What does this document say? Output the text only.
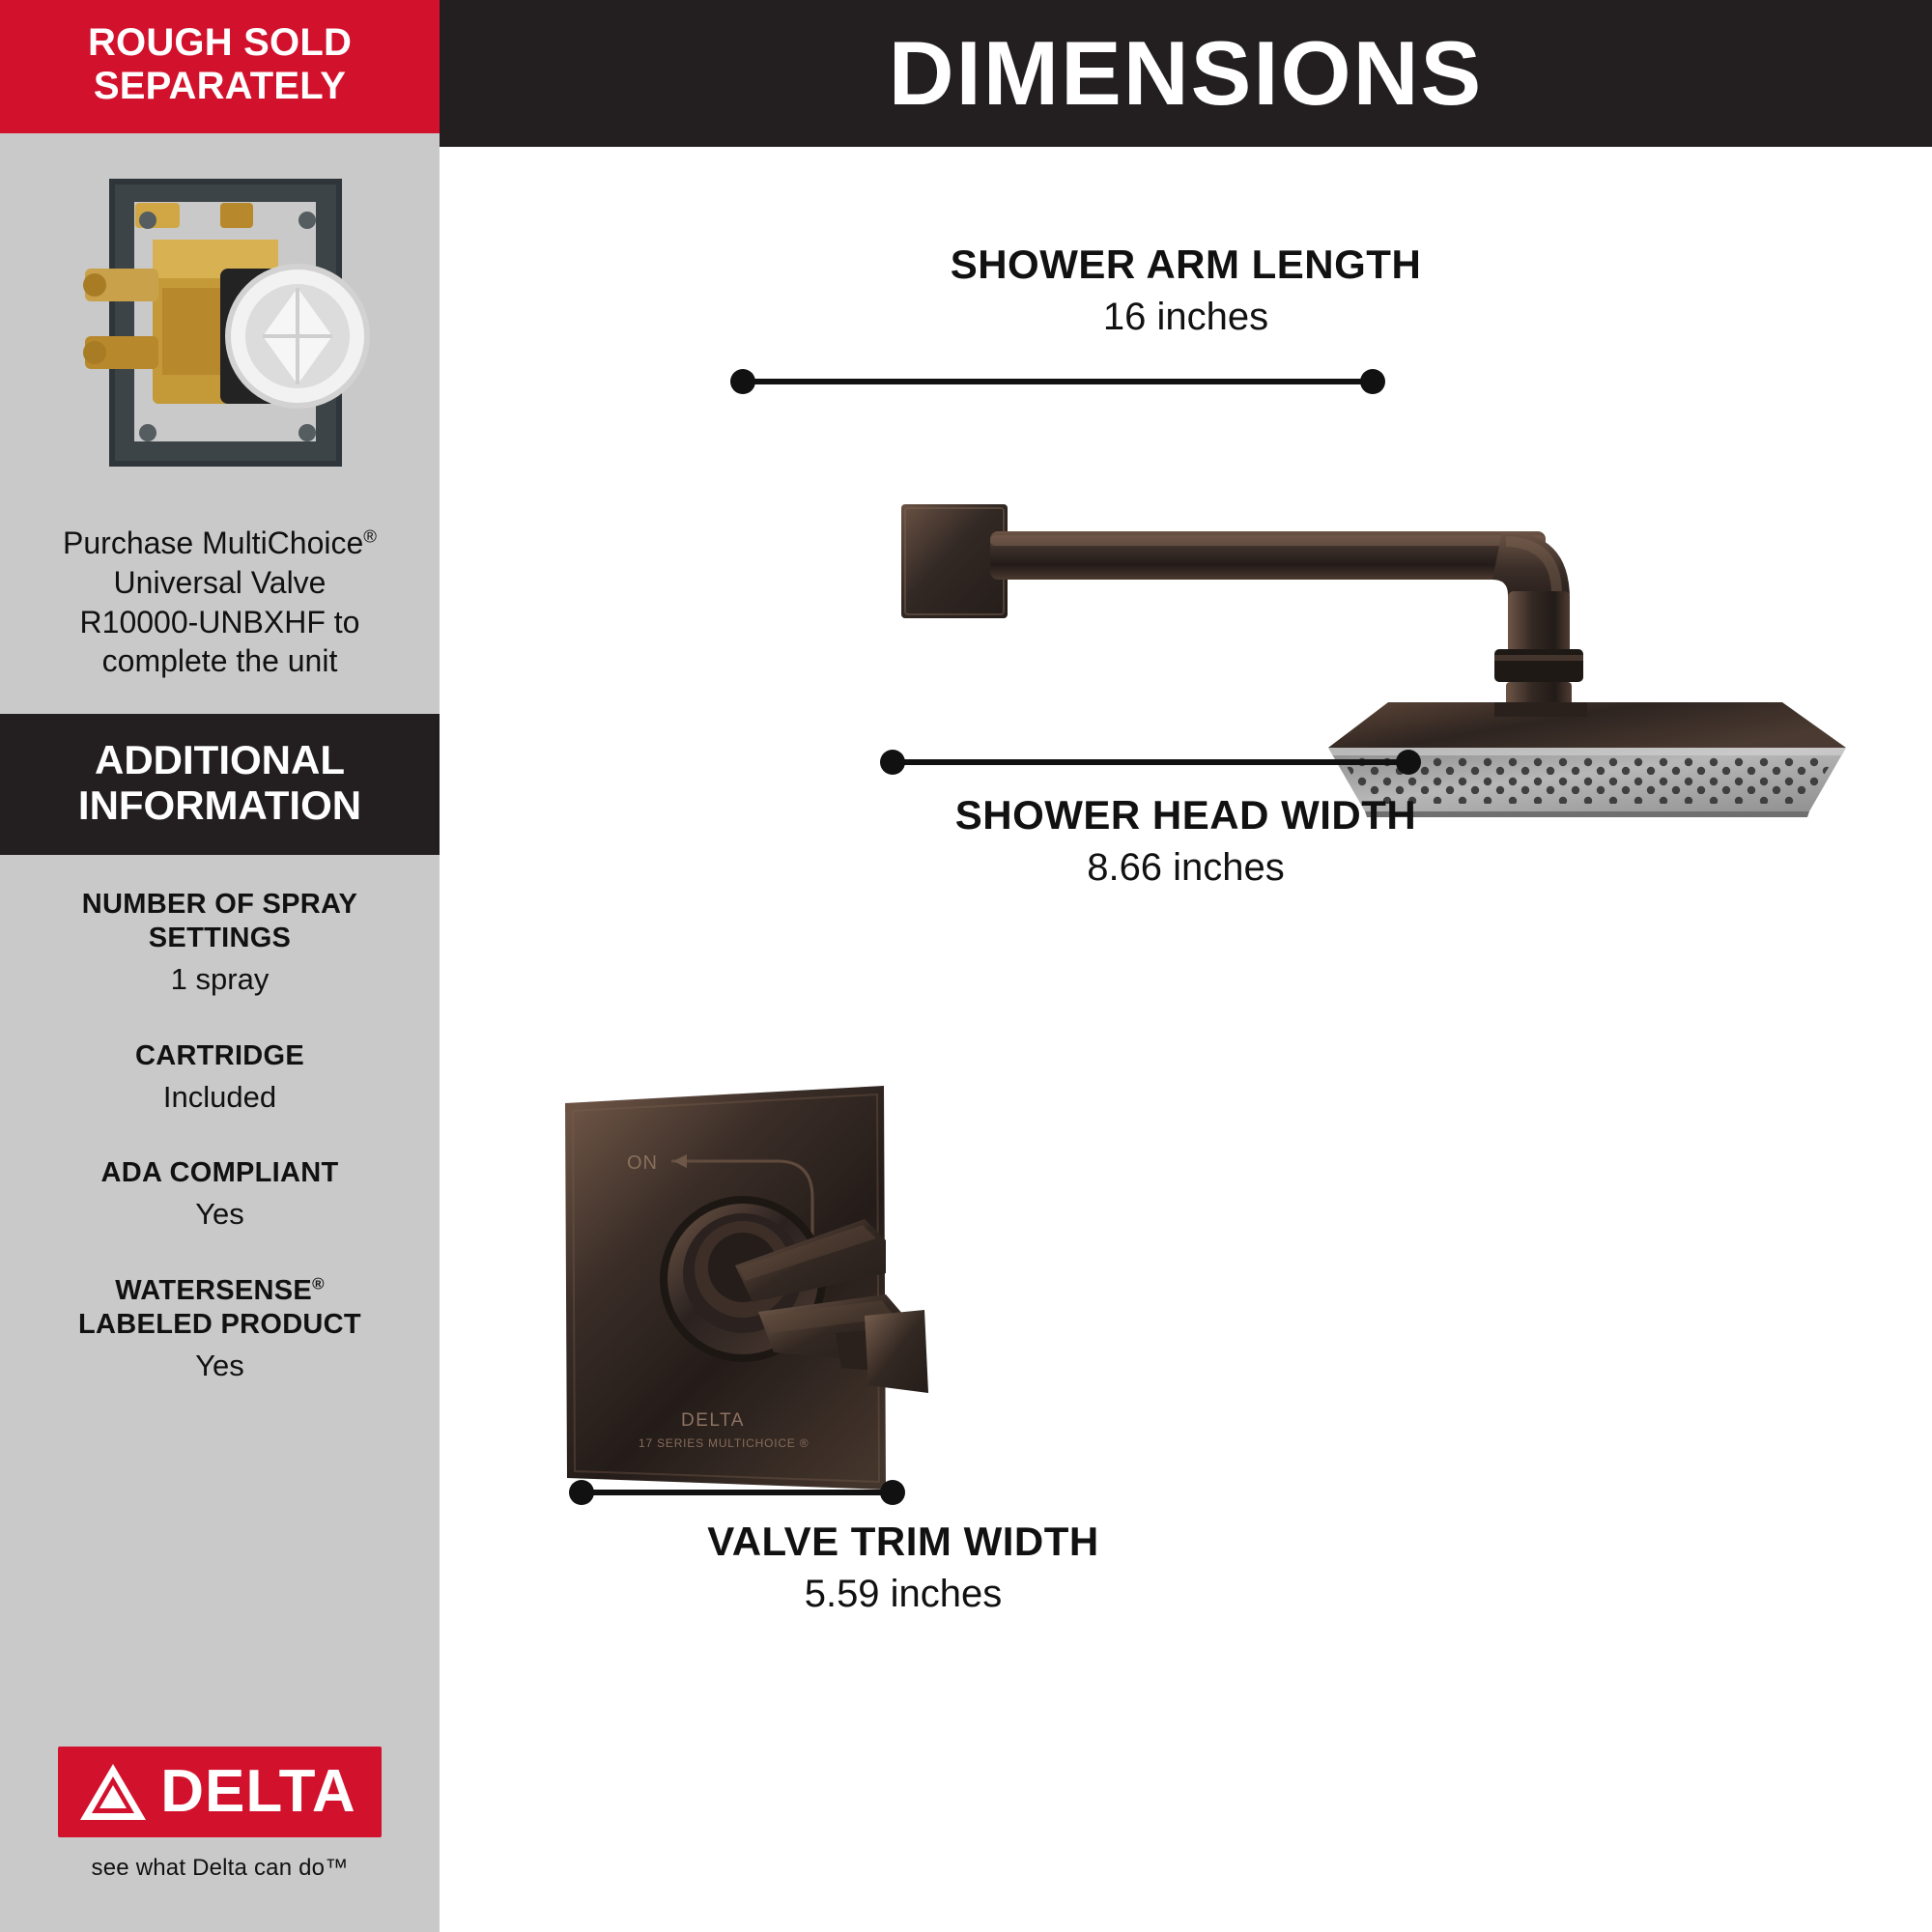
ROUGH SOLD
SEPARATELY
Purchase MultiChoice®
Universal Valve
R10000-UNBXHF to
complete the unit
ADDITIONAL
INFORMATION
NUMBER OF SPRAY
SETTINGS
1 spray
CARTRIDGE
Included
ADA COMPLIANT
Yes
WATERSENSE®
LABELED PRODUCT
Yes
DELTA
see what Delta can do™
DIMENSIONS
SHOWER ARM LENGTH
16 inches
SHOWER HEAD WIDTH
8.66 inches
ON
DELTA
17 SERIES MULTICHOICE ®
VALVE TRIM WIDTH
5.59 inches
